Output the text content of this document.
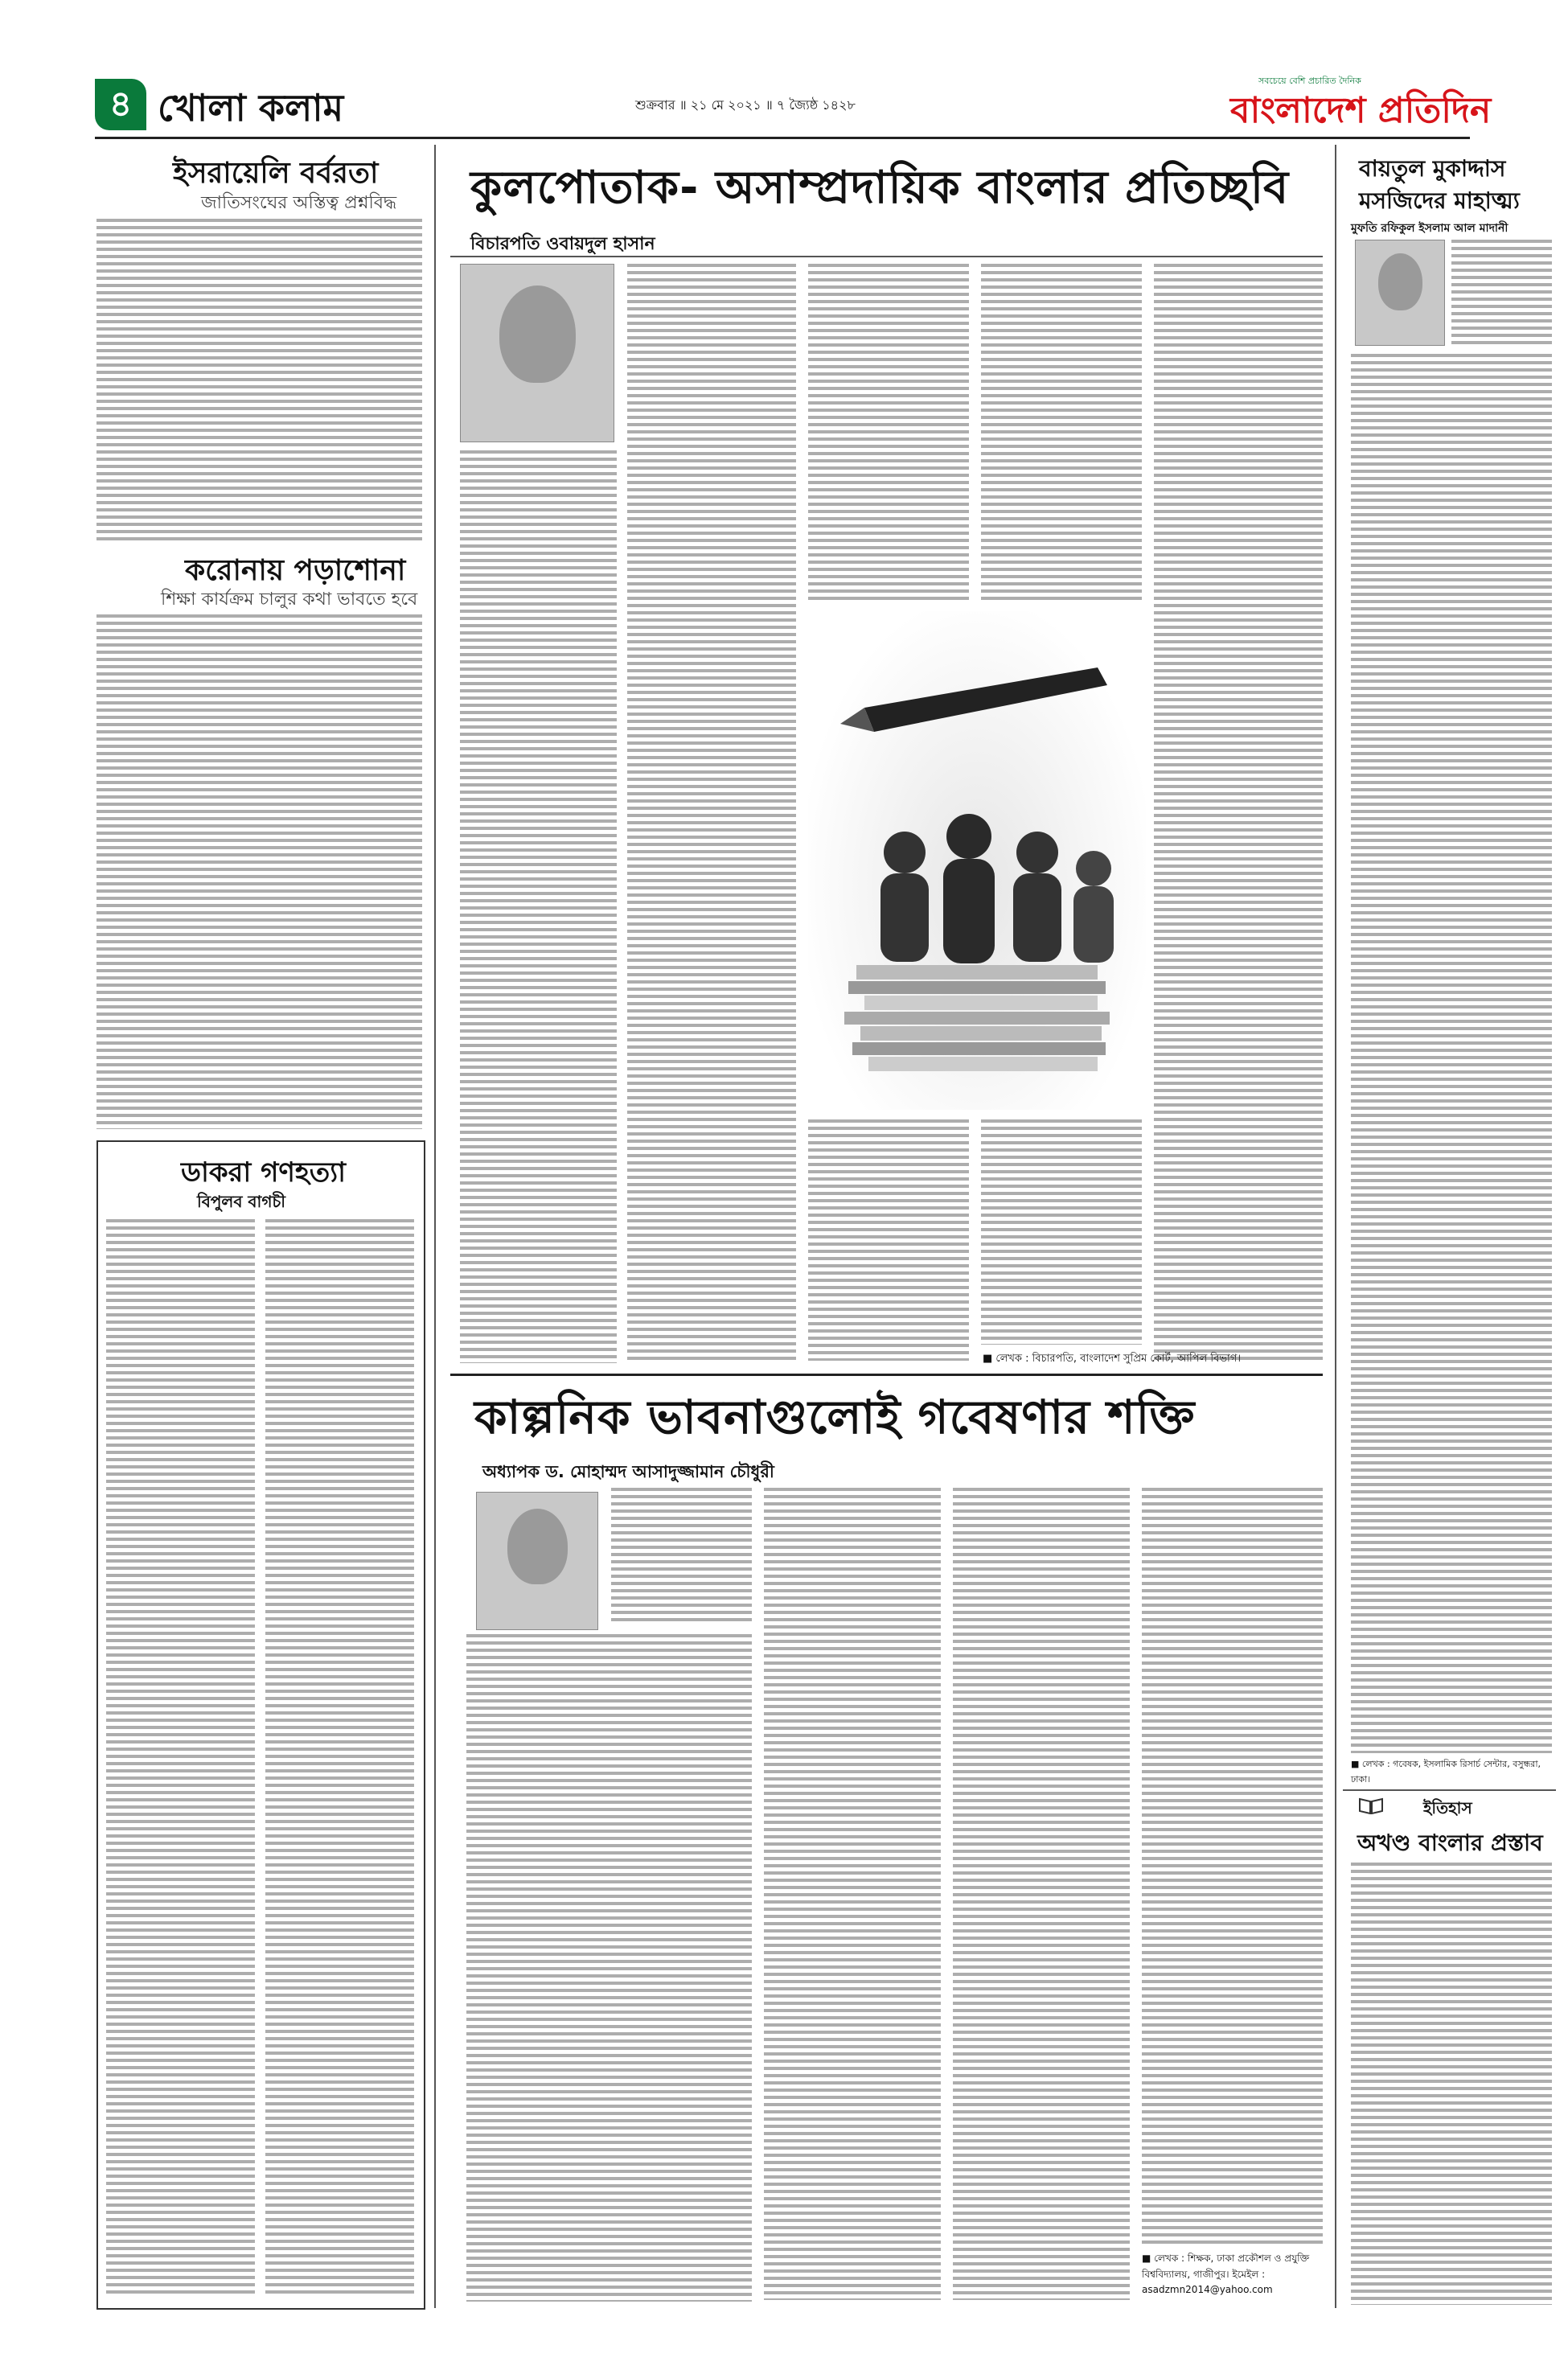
৪ খোলা কলাম	শুক্রবার ॥ ২১ মে ২০২১ ॥ ৭ জ্যৈষ্ঠ ১৪২৮
সবচেয়ে বেশি প্রচারিত দৈনিক
বাংলাদেশ প্রতিদিন
ইসরায়েলি বর্বরতা
জাতিসংঘের অস্তিত্ব প্রশ্নবিদ্ধ
করোনায় পড়াশোনা
শিক্ষা কার্যক্রম চালুর কথা ভাবতে হবে
ডাকরা গণহত্যা
বিপুলব বাগচী
কুলপোতাক- অসাম্প্রদায়িক বাংলার প্রতিচ্ছবি
বিচারপতি ওবায়দুল হাসান
■ লেখক : বিচারপতি, বাংলাদেশ সুপ্রিম কোর্ট, আপিল বিভাগ।
কাল্পনিক ভাবনাগুলোই গবেষণার শক্তি
অধ্যাপক ড. মোহাম্মদ আসাদুজ্জামান চৌধুরী
■ লেখক : শিক্ষক, ঢাকা প্রকৌশল ও প্রযুক্তি বিশ্ববিদ্যালয়, গাজীপুর। ইমেইল : asadzmn2014@yahoo.com
বায়তুল মুকাদ্দাস
মসজিদের মাহাত্ম্য
মুফতি রফিকুল ইসলাম আল মাদানী
■ লেখক : গবেষক, ইসলামিক রিসার্চ সেন্টার, বসুন্ধরা, ঢাকা।
ইতিহাস
অখণ্ড বাংলার প্রস্তাব
